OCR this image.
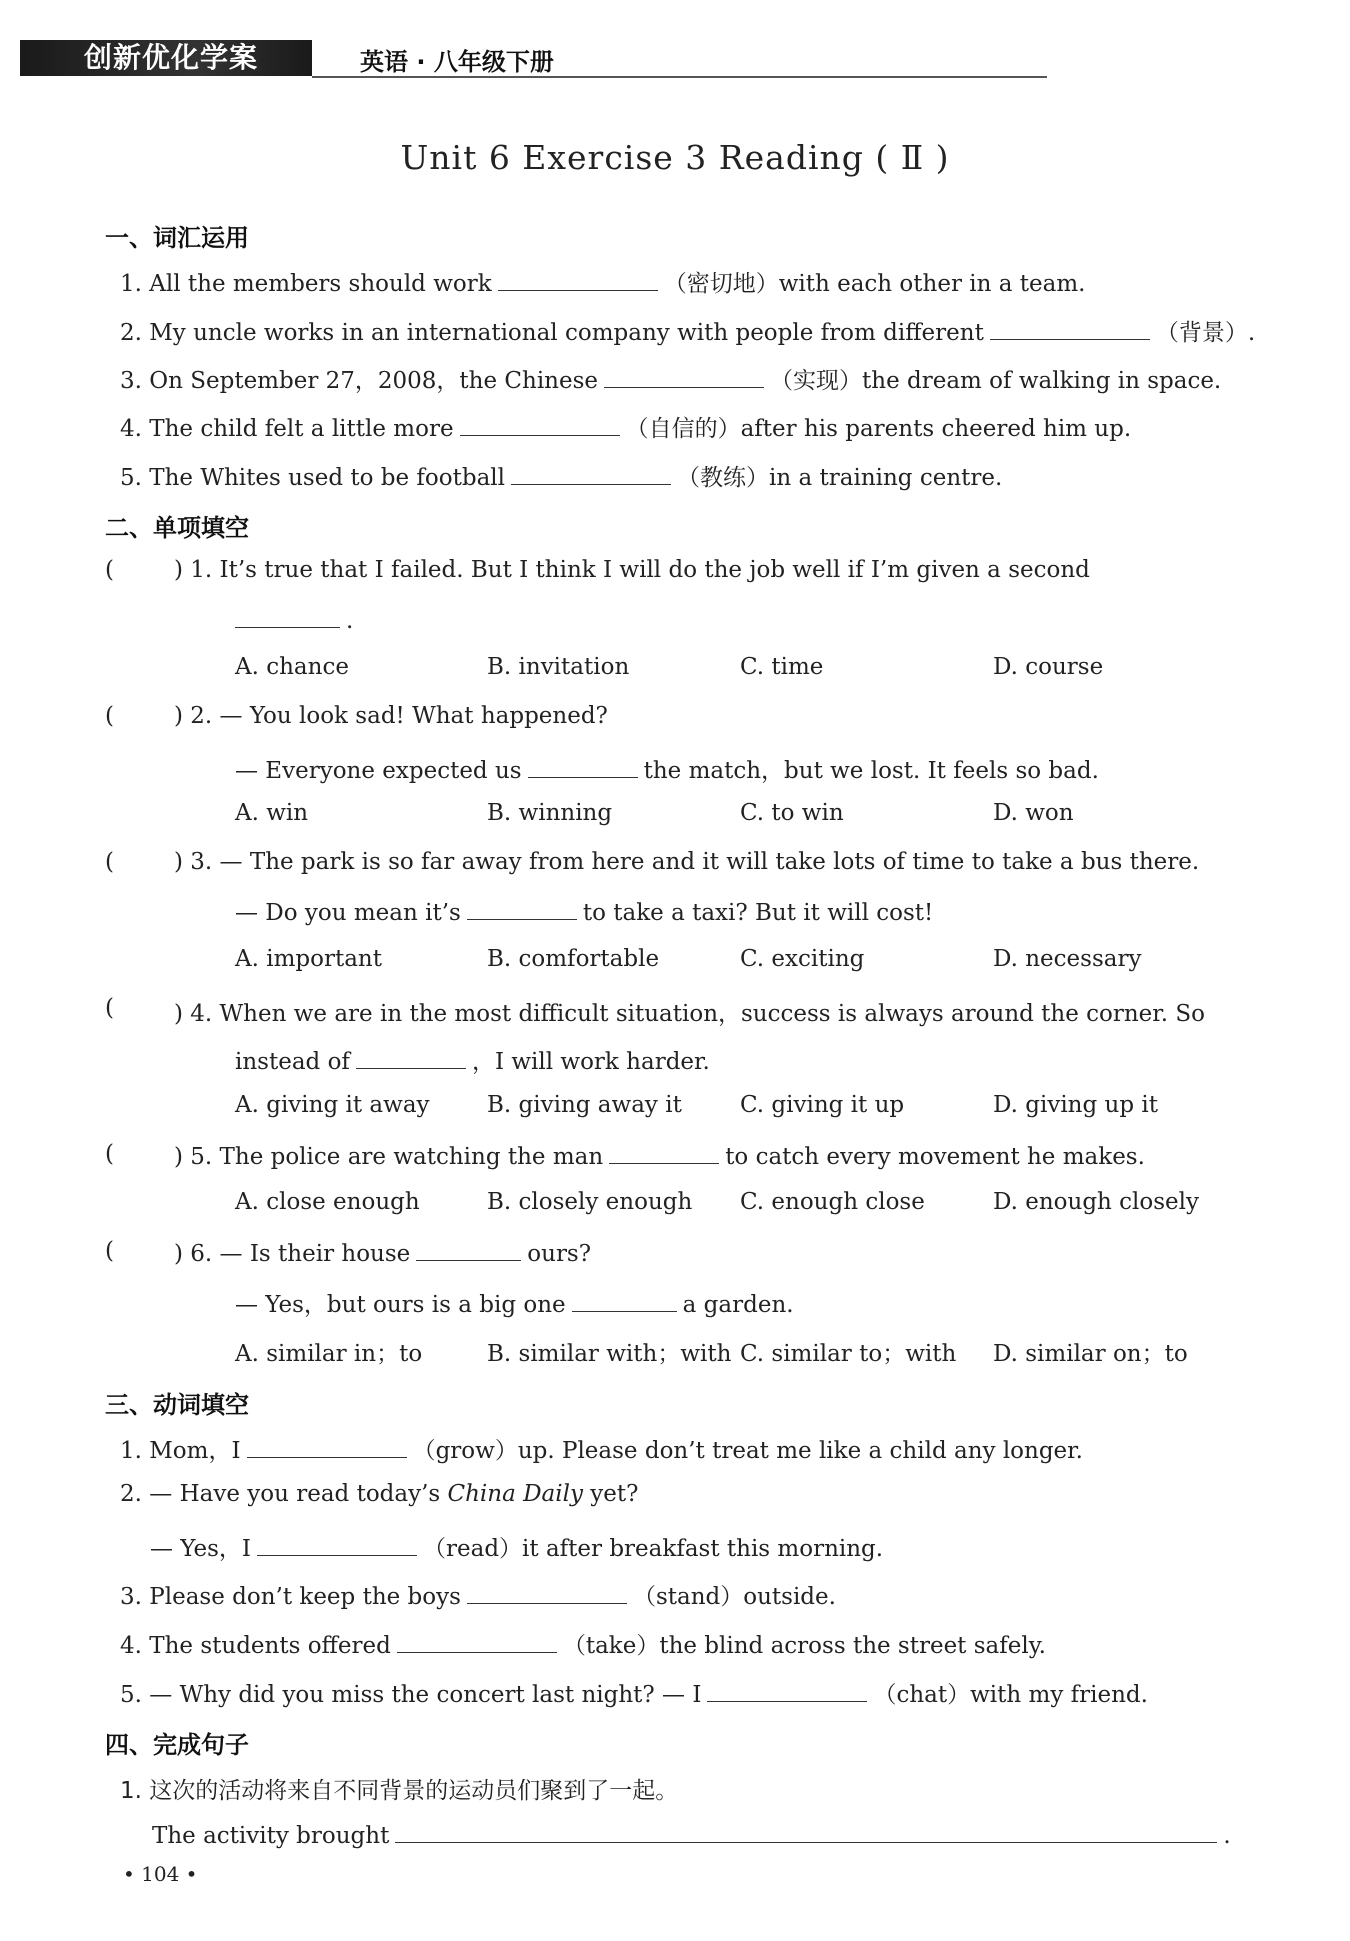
创新优化学案	英语 · 八年级下册
Unit 6 Exercise 3 Reading ( Ⅱ )
一、词汇运用
1. All the members should work	（密切地）with each other in a team.
2. My uncle works in an international company with people from different	（背景）.
3. On September 27，2008，the Chinese	（实现）the dream of walking in space.
4. The child felt a little more	（自信的）after his parents cheered him up.
5. The Whites used to be football	（教练）in a training centre.
二、单项填空
(	) 1. It’s true that I failed. But I think I will do the job well if I’m given a second
.
A. chance	B. invitation	C. time	D. course
(	) 2. — You look sad! What happened?
— Everyone expected us	the match，but we lost. It feels so bad.
A. win	B. winning	C. to win	D. won
(	) 3. — The park is so far away from here and it will take lots of time to take a bus there.
— Do you mean it’s	to take a taxi? But it will cost!
A. important	B. comfortable	C. exciting	D. necessary
(	) 4. When we are in the most difficult situation，success is always around the corner. So
instead of	，I will work harder.
A. giving it away B. giving away it	C. giving it up	D. giving up it
(	) 5. The police are watching the man	to catch every movement he makes.
A. close enough	B. closely enough C. enough close	D. enough closely
(	) 6. — Is their house	ours?
— Yes，but ours is a big one	a garden.
A. similar in；to	B. similar with；with C. similar to；with D. similar on；to
三、动词填空
1. Mom，I	（grow）up. Please don’t treat me like a child any longer.
2. — Have you read today’s China Daily yet?
— Yes，I	（read）it after breakfast this morning.
3. Please don’t keep the boys	（stand）outside.
4. The students offered	（take）the blind across the street safely.
5. — Why did you miss the concert last night? — I	（chat）with my friend.
四、完成句子
1. 这次的活动将来自不同背景的运动员们聚到了一起。
The activity brought	.
• 104 •
